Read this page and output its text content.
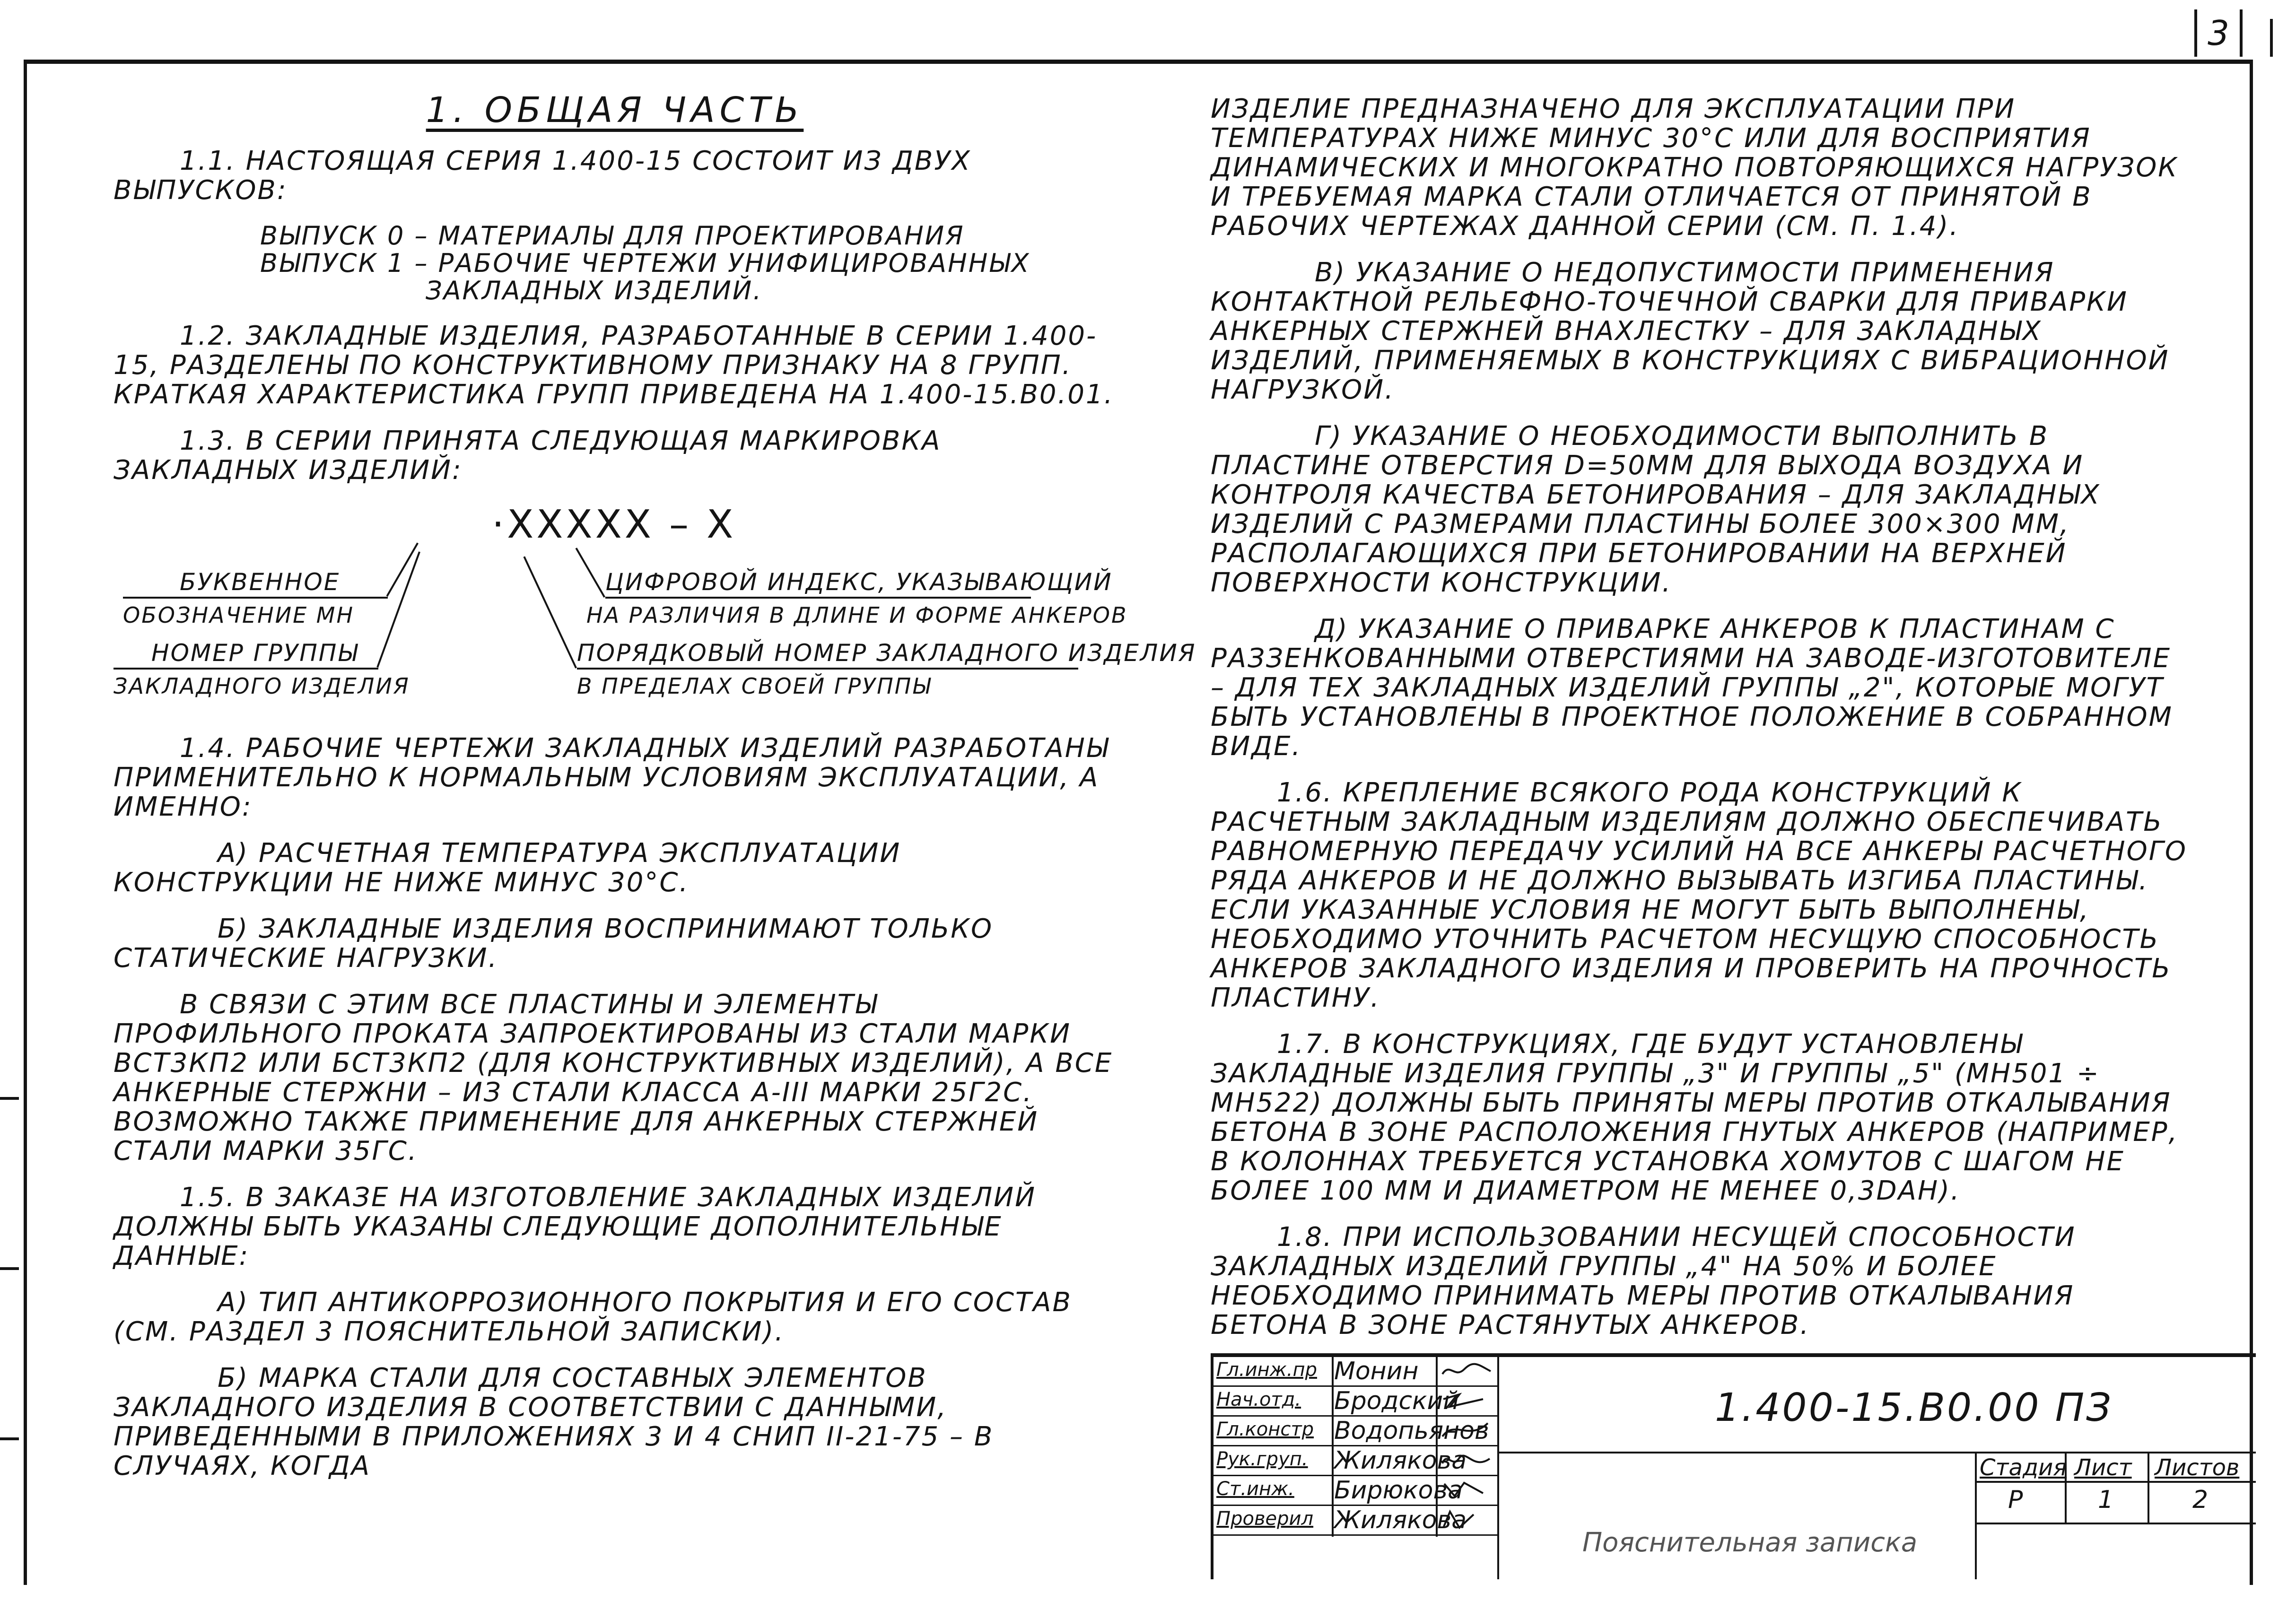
3
1. ОБЩАЯ ЧАСТЬ
1.1. НАСТОЯЩАЯ СЕРИЯ 1.400-15 СОСТОИТ ИЗ ДВУХ ВЫПУСКОВ:
ВЫПУСК 0 – МАТЕРИАЛЫ ДЛЯ ПРОЕКТИРОВАНИЯ
ВЫПУСК 1 – РАБОЧИЕ ЧЕРТЕЖИ УНИФИЦИРОВАННЫХ
ЗАКЛАДНЫХ ИЗДЕЛИЙ.
1.2. ЗАКЛАДНЫЕ ИЗДЕЛИЯ, РАЗРАБОТАННЫЕ В СЕРИИ 1.400-15, РАЗДЕЛЕНЫ ПО КОНСТРУКТИВНОМУ ПРИЗНАКУ НА 8 ГРУПП. КРАТКАЯ ХАРАКТЕРИСТИКА ГРУПП ПРИВЕДЕНА НА 1.400-15.В0.01.
1.3. В СЕРИИ ПРИНЯТА СЛЕДУЮЩАЯ МАРКИРОВКА ЗАКЛАДНЫХ ИЗДЕЛИЙ:
·XXXXX – X
БУКВЕННОЕ
ОБОЗНАЧЕНИЕ МН
НОМЕР ГРУППЫ
ЗАКЛАДНОГО ИЗДЕЛИЯ
ЦИФРОВОЙ ИНДЕКС, УКАЗЫВАЮЩИЙ
НА РАЗЛИЧИЯ В ДЛИНЕ И ФОРМЕ АНКЕРОВ
ПОРЯДКОВЫЙ НОМЕР ЗАКЛАДНОГО ИЗДЕЛИЯ
В ПРЕДЕЛАХ СВОЕЙ ГРУППЫ
1.4. РАБОЧИЕ ЧЕРТЕЖИ ЗАКЛАДНЫХ ИЗДЕЛИЙ РАЗРАБОТАНЫ ПРИМЕНИТЕЛЬНО К НОРМАЛЬНЫМ УСЛОВИЯМ ЭКСПЛУАТАЦИИ, А ИМЕННО:
А) РАСЧЕТНАЯ ТЕМПЕРАТУРА ЭКСПЛУАТАЦИИ КОНСТРУКЦИИ НЕ НИЖЕ МИНУС 30°С.
Б) ЗАКЛАДНЫЕ ИЗДЕЛИЯ ВОСПРИНИМАЮТ ТОЛЬКО СТАТИЧЕСКИЕ НАГРУЗКИ.
В СВЯЗИ С ЭТИМ ВСЕ ПЛАСТИНЫ И ЭЛЕМЕНТЫ ПРОФИЛЬНОГО ПРОКАТА ЗАПРОЕКТИРОВАНЫ ИЗ СТАЛИ МАРКИ ВСТ3КП2 ИЛИ БСТ3КП2 (ДЛЯ КОНСТРУКТИВНЫХ ИЗДЕЛИЙ), А ВСЕ АНКЕРНЫЕ СТЕРЖНИ – ИЗ СТАЛИ КЛАССА А-III МАРКИ 25Г2С. ВОЗМОЖНО ТАКЖЕ ПРИМЕНЕНИЕ ДЛЯ АНКЕРНЫХ СТЕРЖНЕЙ СТАЛИ МАРКИ 35ГС.
1.5. В ЗАКАЗЕ НА ИЗГОТОВЛЕНИЕ ЗАКЛАДНЫХ ИЗДЕЛИЙ ДОЛЖНЫ БЫТЬ УКАЗАНЫ СЛЕДУЮЩИЕ ДОПОЛНИТЕЛЬНЫЕ ДАННЫЕ:
А) ТИП АНТИКОРРОЗИОННОГО ПОКРЫТИЯ И ЕГО СОСТАВ (СМ. РАЗДЕЛ 3 ПОЯСНИТЕЛЬНОЙ ЗАПИСКИ).
Б) МАРКА СТАЛИ ДЛЯ СОСТАВНЫХ ЭЛЕМЕНТОВ ЗАКЛАДНОГО ИЗДЕЛИЯ В СООТВЕТСТВИИ С ДАННЫМИ, ПРИВЕДЕННЫМИ В ПРИЛОЖЕНИЯХ 3 И 4 СНИП II-21-75 – В СЛУЧАЯХ, КОГДА
ИЗДЕЛИЕ ПРЕДНАЗНАЧЕНО ДЛЯ ЭКСПЛУАТАЦИИ ПРИ ТЕМПЕРАТУРАХ НИЖЕ МИНУС 30°С ИЛИ ДЛЯ ВОСПРИЯТИЯ ДИНАМИЧЕСКИХ И МНОГОКРАТНО ПОВТОРЯЮЩИХСЯ НАГРУЗОК И ТРЕБУЕМАЯ МАРКА СТАЛИ ОТЛИЧАЕТСЯ ОТ ПРИНЯТОЙ В РАБОЧИХ ЧЕРТЕЖАХ ДАННОЙ СЕРИИ (СМ. П. 1.4).
В) УКАЗАНИЕ О НЕДОПУСТИМОСТИ ПРИМЕНЕНИЯ КОНТАКТНОЙ РЕЛЬЕФНО-ТОЧЕЧНОЙ СВАРКИ ДЛЯ ПРИВАРКИ АНКЕРНЫХ СТЕРЖНЕЙ ВНАХЛЕСТКУ – ДЛЯ ЗАКЛАДНЫХ ИЗДЕЛИЙ, ПРИМЕНЯЕМЫХ В КОНСТРУКЦИЯХ С ВИБРАЦИОННОЙ НАГРУЗКОЙ.
Г) УКАЗАНИЕ О НЕОБХОДИМОСТИ ВЫПОЛНИТЬ В ПЛАСТИНЕ ОТВЕРСТИЯ D=50ММ ДЛЯ ВЫХОДА ВОЗДУХА И КОНТРОЛЯ КАЧЕСТВА БЕТОНИРОВАНИЯ – ДЛЯ ЗАКЛАДНЫХ ИЗДЕЛИЙ С РАЗМЕРАМИ ПЛАСТИНЫ БОЛЕЕ 300×300 ММ, РАСПОЛАГАЮЩИХСЯ ПРИ БЕТОНИРОВАНИИ НА ВЕРХНЕЙ ПОВЕРХНОСТИ КОНСТРУКЦИИ.
Д) УКАЗАНИЕ О ПРИВАРКЕ АНКЕРОВ К ПЛАСТИНАМ С РАЗЗЕНКОВАННЫМИ ОТВЕРСТИЯМИ НА ЗАВОДЕ-ИЗГОТОВИТЕЛЕ – ДЛЯ ТЕХ ЗАКЛАДНЫХ ИЗДЕЛИЙ ГРУППЫ „2", КОТОРЫЕ МОГУТ БЫТЬ УСТАНОВЛЕНЫ В ПРОЕКТНОЕ ПОЛОЖЕНИЕ В СОБРАННОМ ВИДЕ.
1.6. КРЕПЛЕНИЕ ВСЯКОГО РОДА КОНСТРУКЦИЙ К РАСЧЕТНЫМ ЗАКЛАДНЫМ ИЗДЕЛИЯМ ДОЛЖНО ОБЕСПЕЧИВАТЬ РАВНОМЕРНУЮ ПЕРЕДАЧУ УСИЛИЙ НА ВСЕ АНКЕРЫ РАСЧЕТНОГО РЯДА АНКЕРОВ И НЕ ДОЛЖНО ВЫЗЫВАТЬ ИЗГИБА ПЛАСТИНЫ. ЕСЛИ УКАЗАННЫЕ УСЛОВИЯ НЕ МОГУТ БЫТЬ ВЫПОЛНЕНЫ, НЕОБХОДИМО УТОЧНИТЬ РАСЧЕТОМ НЕСУЩУЮ СПОСОБНОСТЬ АНКЕРОВ ЗАКЛАДНОГО ИЗДЕЛИЯ И ПРОВЕРИТЬ НА ПРОЧНОСТЬ ПЛАСТИНУ.
1.7. В КОНСТРУКЦИЯХ, ГДЕ БУДУТ УСТАНОВЛЕНЫ ЗАКЛАДНЫЕ ИЗДЕЛИЯ ГРУППЫ „3" И ГРУППЫ „5" (МН501 ÷ МН522) ДОЛЖНЫ БЫТЬ ПРИНЯТЫ МЕРЫ ПРОТИВ ОТКАЛЫВАНИЯ БЕТОНА В ЗОНЕ РАСПОЛОЖЕНИЯ ГНУТЫХ АНКЕРОВ (НАПРИМЕР, В КОЛОННАХ ТРЕБУЕТСЯ УСТАНОВКА ХОМУТОВ С ШАГОМ НЕ БОЛЕЕ 100 ММ И ДИАМЕТРОМ НЕ МЕНЕЕ 0,3DАН).
1.8. ПРИ ИСПОЛЬЗОВАНИИ НЕСУЩЕЙ СПОСОБНОСТИ ЗАКЛАДНЫХ ИЗДЕЛИЙ ГРУППЫ „4" НА 50% И БОЛЕЕ НЕОБХОДИМО ПРИНИМАТЬ МЕРЫ ПРОТИВ ОТКАЛЫВАНИЯ БЕТОНА В ЗОНЕ РАСТЯНУТЫХ АНКЕРОВ.
Гл.инж.пр Монин
Нач.отд. Бродский
Гл.констр Водопьянов
Рук.груп. Жилякова
Ст.инж. Бирюкова
Проверил Жилякова
1.400-15.В0.00 ПЗ
Пояснительная записка
Стадия Лист Листов
Р	1	2
